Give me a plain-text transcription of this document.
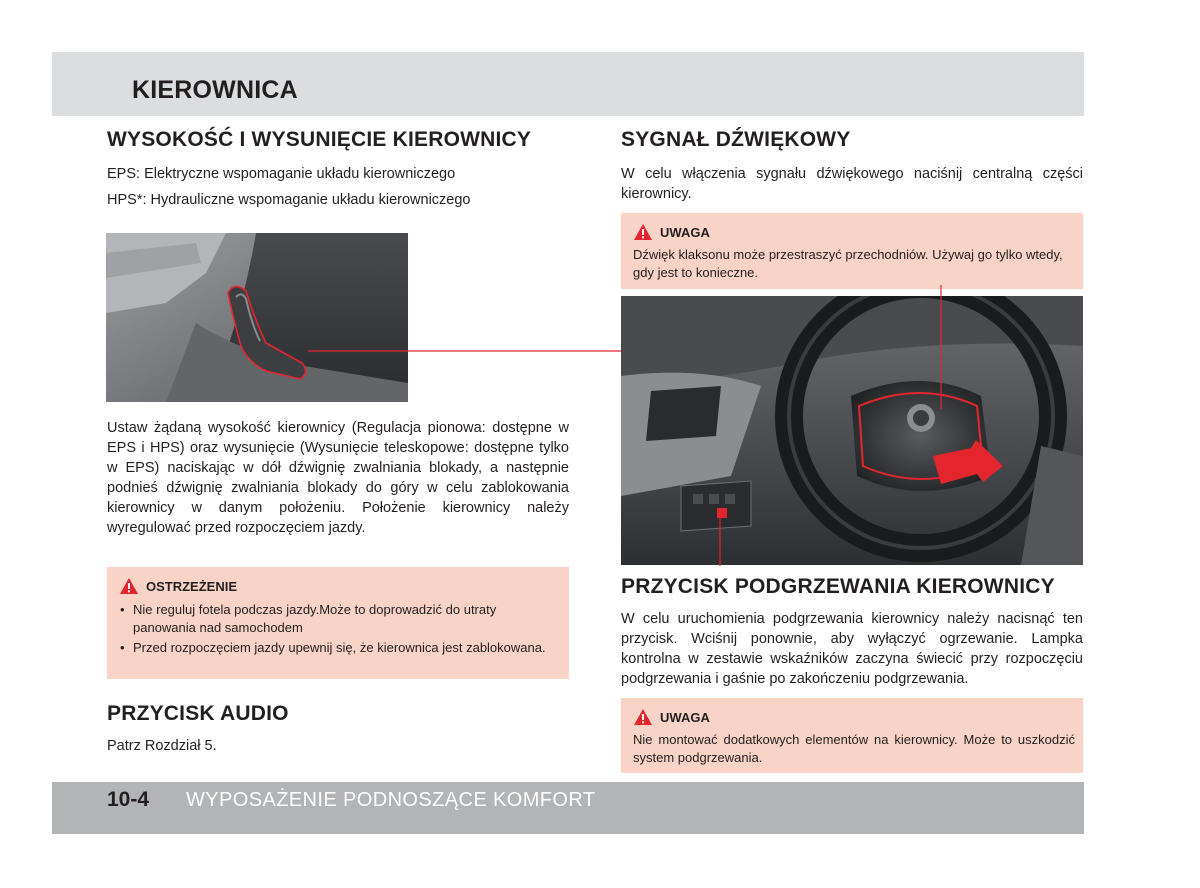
KIEROWNICA
WYSOKOŚĆ I WYSUNIĘCIE KIEROWNICY

EPS: Elektryczne wspomaganie układu kierowniczego

HPS*: Hydrauliczne wspomaganie układu kierowniczego

Ustaw żądaną wysokość kierownicy (Regulacja pionowa: dostępne w EPS i HPS) oraz wysunięcie (Wysunięcie teleskopowe: dostępne tylko w EPS) naciskając w dół dźwignię zwalniania blokady, a następnie podnieś dźwignię zwalniania blokady do góry w celu zablokowania kierownicy w danym położeniu. Położenie kierownicy należy wyregulować przed rozpoczęciem jazdy.

OSTRZEŻENIE
• Nie reguluj fotela podczas jazdy.Może to doprowadzić do utraty panowania nad samochodem
• Przed rozpoczęciem jazdy upewnij się, że kierownica jest zablokowana.
PRZYCISK AUDIO

Patrz Rozdział 5.

SYGNAŁ DŹWIĘKOWY

W celu włączenia sygnału dźwiękowego naciśnij centralną części kierownicy.

UWAGA
Dźwięk klaksonu może przestraszyć przechodniów. Używaj go tylko wtedy, gdy jest to konieczne.
PRZYCISK PODGRZEWANIA KIEROWNICY

W celu uruchomienia podgrzewania kierownicy należy nacisnąć ten przycisk. Wciśnij ponownie, aby wyłączyć ogrzewanie. Lampka kontrolna w zestawie wskaźników zaczyna świecić przy rozpoczęciu podgrzewania i gaśnie po zakończeniu podgrzewania.

UWAGA
Nie montować dodatkowych elementów na kierownicy. Może to uszkodzić system podgrzewania.
10-4 WYPOSAŻENIE PODNOSZĄCE KOMFORT
